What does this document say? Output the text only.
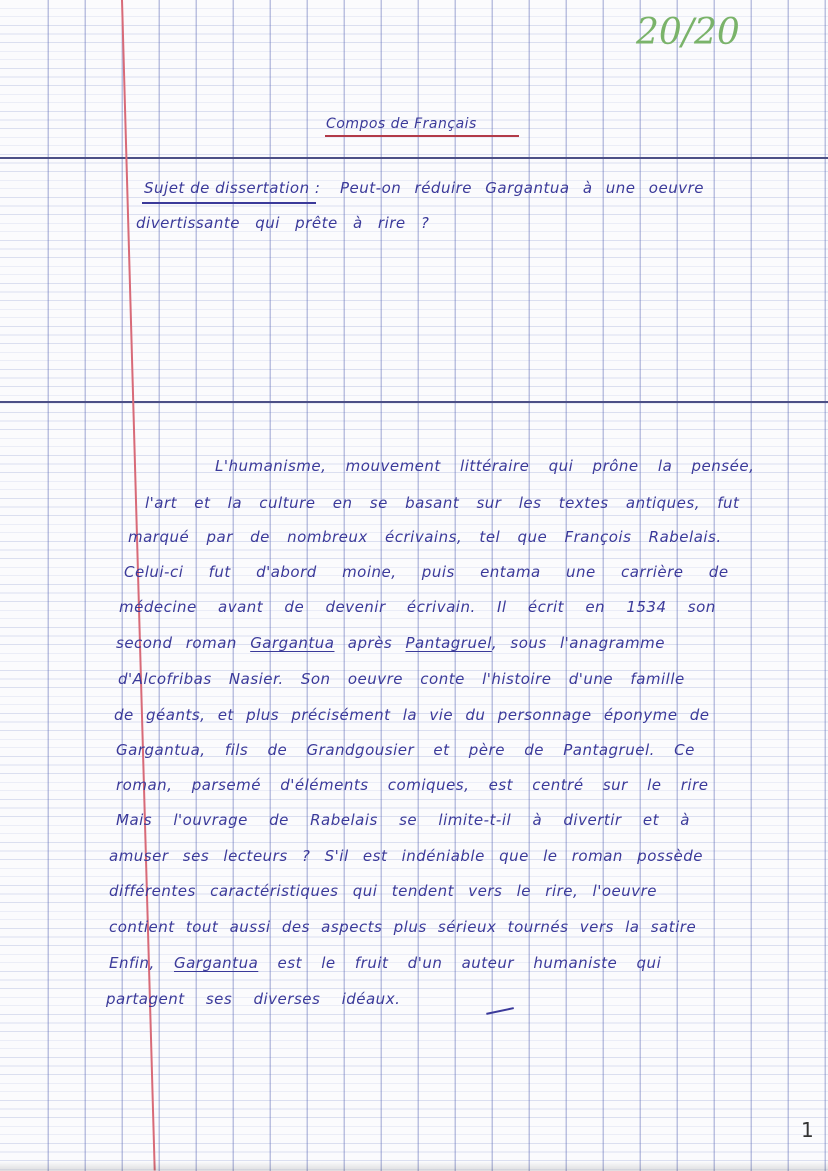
20/20
Compos de Français
Sujet de dissertation : Peut-on réduire Gargantua à une oeuvre
divertissante qui prête à rire ?
L'humanisme, mouvement littéraire qui prône la pensée,
l'art et la culture en se basant sur les textes antiques, fut
marqué par de nombreux écrivains, tel que François Rabelais.
Celui-ci fut d'abord moine, puis entama une carrière de
médecine avant de devenir écrivain. Il écrit en 1534 son
second roman Gargantua après Pantagruel, sous l'anagramme
d'Alcofribas Nasier. Son oeuvre conte l'histoire d'une famille
de géants, et plus précisément la vie du personnage éponyme de
Gargantua, fils de Grandgousier et père de Pantagruel. Ce
roman, parsemé d'éléments comiques, est centré sur le rire
Mais l'ouvrage de Rabelais se limite-t-il à divertir et à
amuser ses lecteurs ? S'il est indéniable que le roman possède
différentes caractéristiques qui tendent vers le rire, l'oeuvre
contient tout aussi des aspects plus sérieux tournés vers la satire
Enfin, Gargantua est le fruit d'un auteur humaniste qui
partagent ses diverses idéaux.
1
